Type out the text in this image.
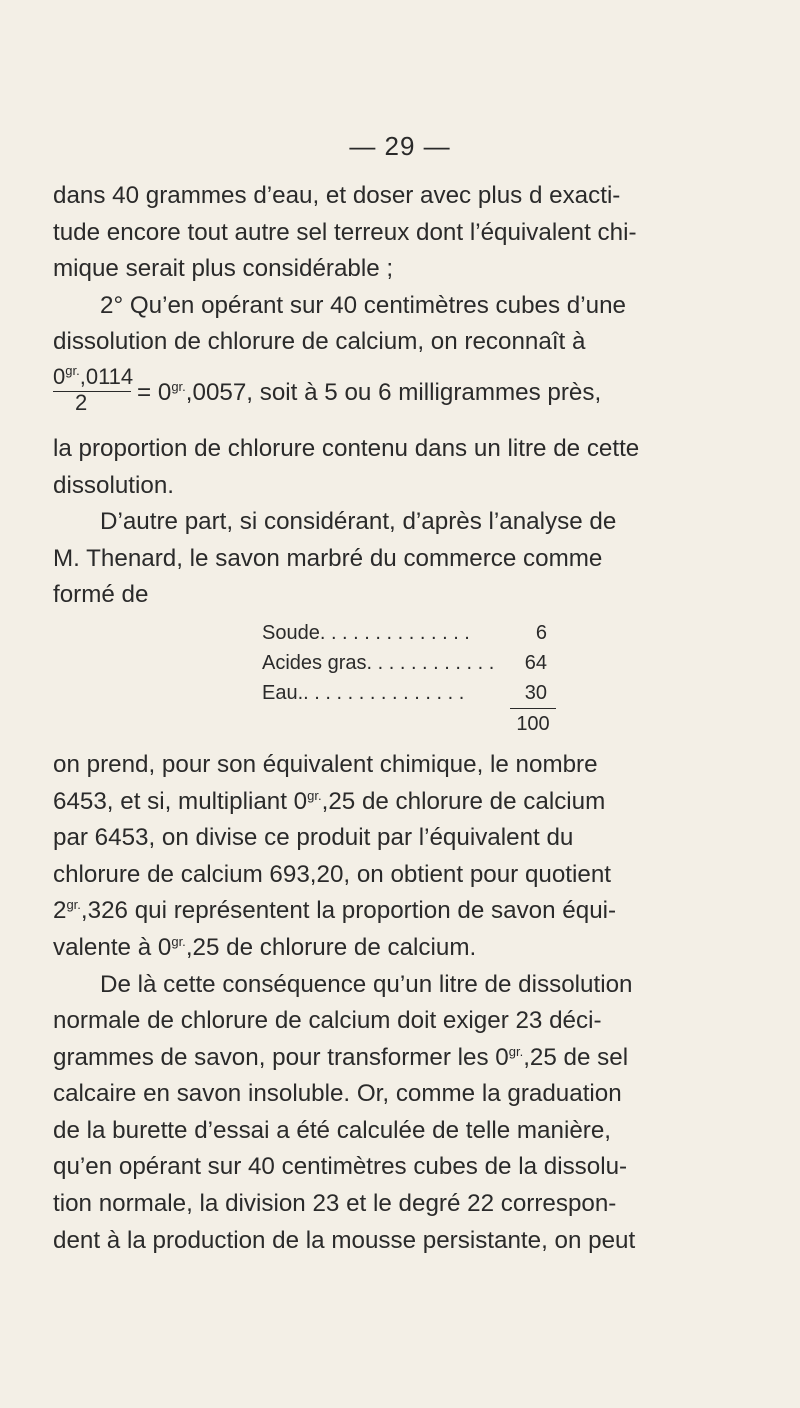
— 29 —

dans 40 grammes d’eau, et doser avec plus d exacti-

tude encore tout autre sel terreux dont l’équivalent chi-

mique serait plus considérable ;

2° Qu’en opérant sur 40 centimètres cubes d’une

dissolution de chlorure de calcium, on reconnaît à

$0^{gr.},0114$
2	= $0^{gr.},0057$, soit à 5 ou 6 milligrammes près,

la proportion de chlorure contenu dans un litre de cette

dissolution.

D’autre part, si considérant, d’après l’analyse de

M. Thenard, le savon marbré du commerce comme

formé de

Soude. . . . . . . . . . . . . .	6
Acides gras. . . . . . . . . . . . 64
Eau.. . . . . . . . . . . . . . .	30
100

on prend, pour son équivalent chimique, le nombre

6453, et si, multipliant $0^{gr.},25$ de chlorure de calcium

par 6453, on divise ce produit par l’équivalent du

chlorure de calcium 693,20, on obtient pour quotient

$2^{gr.},326$ qui représentent la proportion de savon équi-

valente à $0^{gr.},25$ de chlorure de calcium.

De là cette conséquence qu’un litre de dissolution

normale de chlorure de calcium doit exiger 23 déci-

grammes de savon, pour transformer les $0^{gr.},25$ de sel

calcaire en savon insoluble. Or, comme la graduation

de la burette d’essai a été calculée de telle manière,

qu’en opérant sur 40 centimètres cubes de la dissolu-

tion normale, la division 23 et le degré 22 correspon-

dent à la production de la mousse persistante, on peut
